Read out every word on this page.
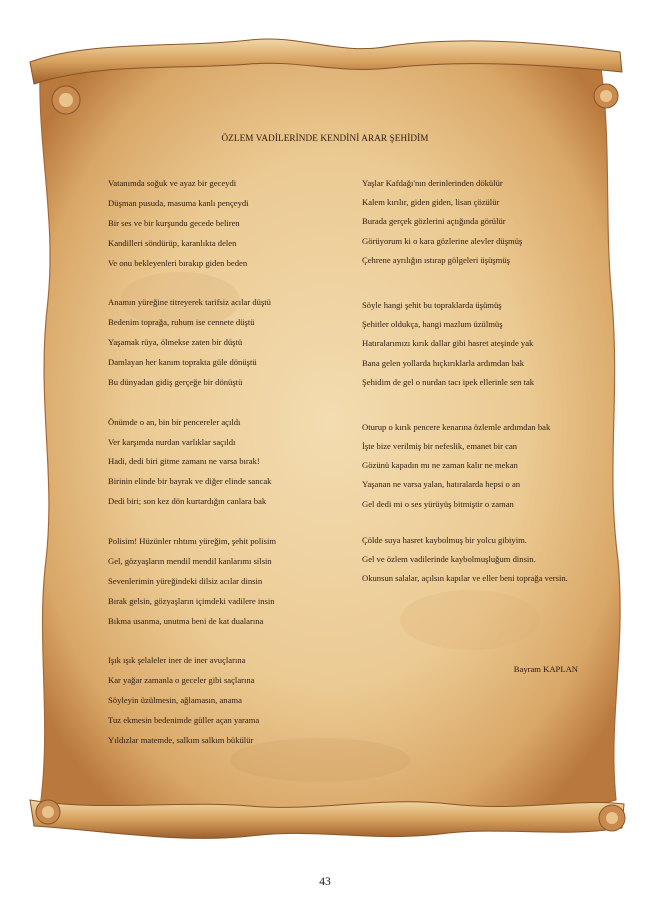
ÖZLEM VADİLERİNDE KENDİNİ ARAR ŞEHİDİM
Vatanımda soğuk ve ayaz bir geceydi
Düşman pusuda, masuma kanlı pençeydi
Bir ses ve bir kurşundu gecede beliren
Kandilleri söndürüp, karanlıkta delen
Ve onu bekleyenleri bırakıp giden beden
Anamın yüreğine titreyerek tarifsiz acılar düştü
Bedenim toprağa, ruhum ise cennete düştü
Yaşamak rüya, ölmekse zaten bir düştü
Damlayan her kanım toprakta güle dönüştü
Bu dünyadan gidiş gerçeğe bir dönüştü
Önümde o an, bin bir pencereler açıldı
Ver karşımda nurdan varlıklar saçıldı
Hadi, dedi biri gitme zamanı ne varsa bırak!
Birinin elinde bir bayrak ve diğer elinde sancak
Dedi biri; son kez dön kurtardığın canlara bak
Polisim! Hüzünler rıhtımı yüreğim, şehit polisim
Gel, gözyaşların mendil mendil kanlarımı silsin
Sevenlerimin yüreğindeki dilsiz acılar dinsin
Bırak gelsin, gözyaşların içimdeki vadilere insin
Bıkma usanma, unutma beni de kat dualarına
Işık ışık şelaleler iner de iner avuçlarına
Kar yağar zamanla o geceler gibi saçlarına
Söyleyin üzülmesin, ağlamasın, anama
Tuz ekmesin bedenimde güller açan yarama
Yıldızlar matemde, salkım salkım bükülür
Yaşlar Kafdağı'nın derinlerinden dökülür
Kalem kırılır, giden giden, lisan çözülür
Burada gerçek gözlerini açtığında görülür
Görüyorum ki o kara gözlerine alevler düşmüş
Çehrene ayrılığın ıstırap gölgeleri üşüşmüş
Söyle hangi şehit bu topraklarda üşümüş
Şehitler oldukça, hangi mazlum üzülmüş
Hatıralarımızı kırık dallar gibi hasret ateşinde yak
Bana gelen yollarda hıçkırıklarla ardımdan bak
Şehidim de gel o nurdan tacı ipek ellerinle sen tak
Oturup o kırık pencere kenarına özlemle ardımdan bak
İşte bize verilmiş bir nefeslik, emanet bir can
Gözünü kapadın mı ne zaman kalır ne mekan
Yaşanan ne varsa yalan, hatıralarda hepsi o an
Gel dedi mi o ses yürüyüş bitmiştir o zaman
Çölde suya hasret kaybolmuş bir yolcu gibiyim.
Gel ve özlem vadilerinde kaybolmuşluğum dinsin.
Okunsun salalar, açılsın kapılar ve eller beni toprağa versin.
Bayram KAPLAN
43
